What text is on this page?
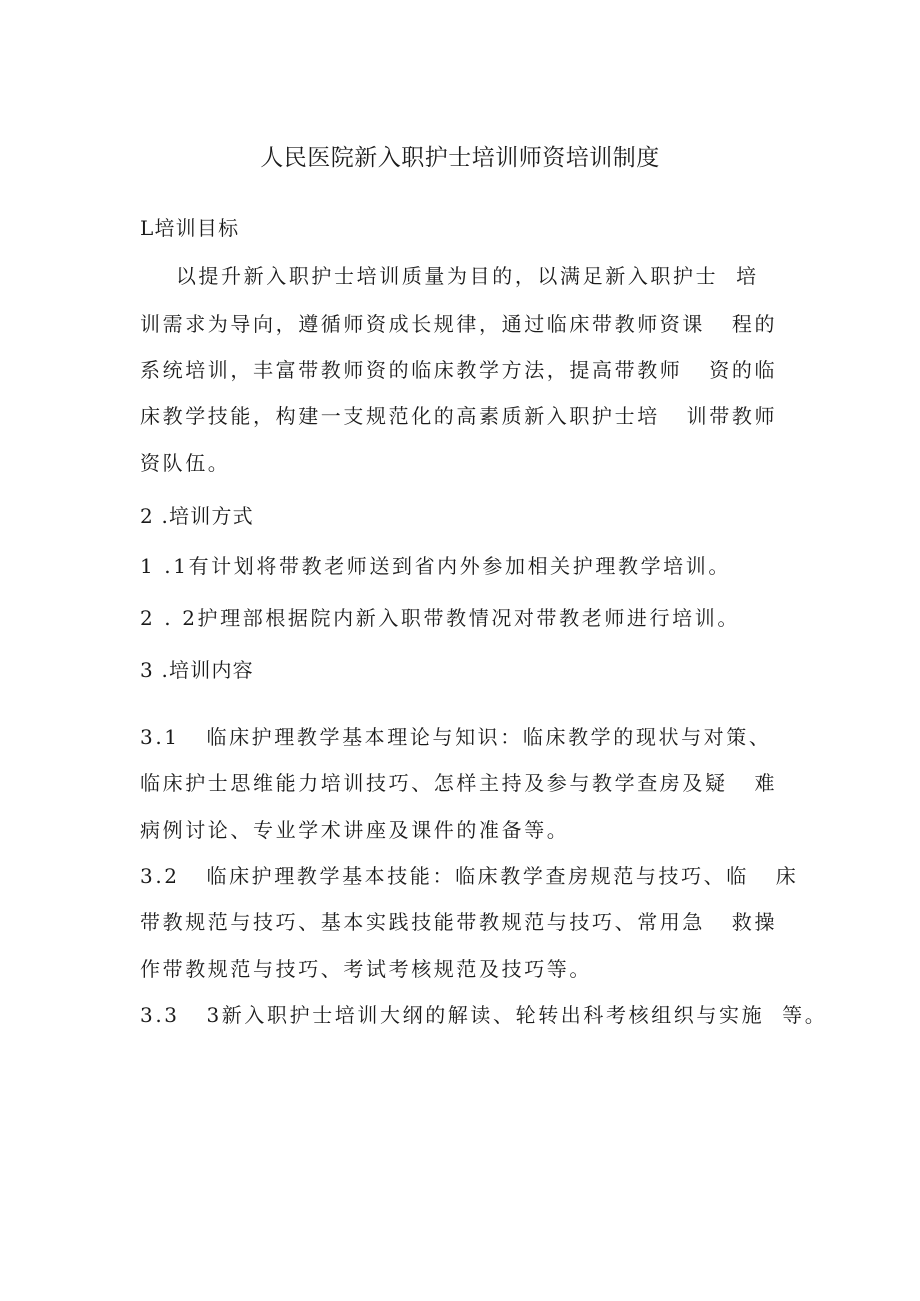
人民医院新入职护士培训师资培训制度
L培训目标
以提升新入职护士培训质量为目的，以满足新入职护士  培
训需求为导向，遵循师资成长规律，通过临床带教师资课   程的
系统培训，丰富带教师资的临床教学方法，提高带教师   资的临
床教学技能，构建一支规范化的高素质新入职护士培   训带教师
资队伍。
2 .培训方式
1 .1有计划将带教老师送到省内外参加相关护理教学培训。
2 . 2护理部根据院内新入职带教情况对带教老师进行培训。
3 .培训内容
3.1   临床护理教学基本理论与知识：临床教学的现状与对策、
临床护士思维能力培训技巧、怎样主持及参与教学查房及疑   难
病例讨论、专业学术讲座及课件的准备等。
3.2   临床护理教学基本技能：临床教学查房规范与技巧、临   床
带教规范与技巧、基本实践技能带教规范与技巧、常用急   救操
作带教规范与技巧、考试考核规范及技巧等。
3.3   3新入职护士培训大纲的解读、轮转出科考核组织与实施  等。
